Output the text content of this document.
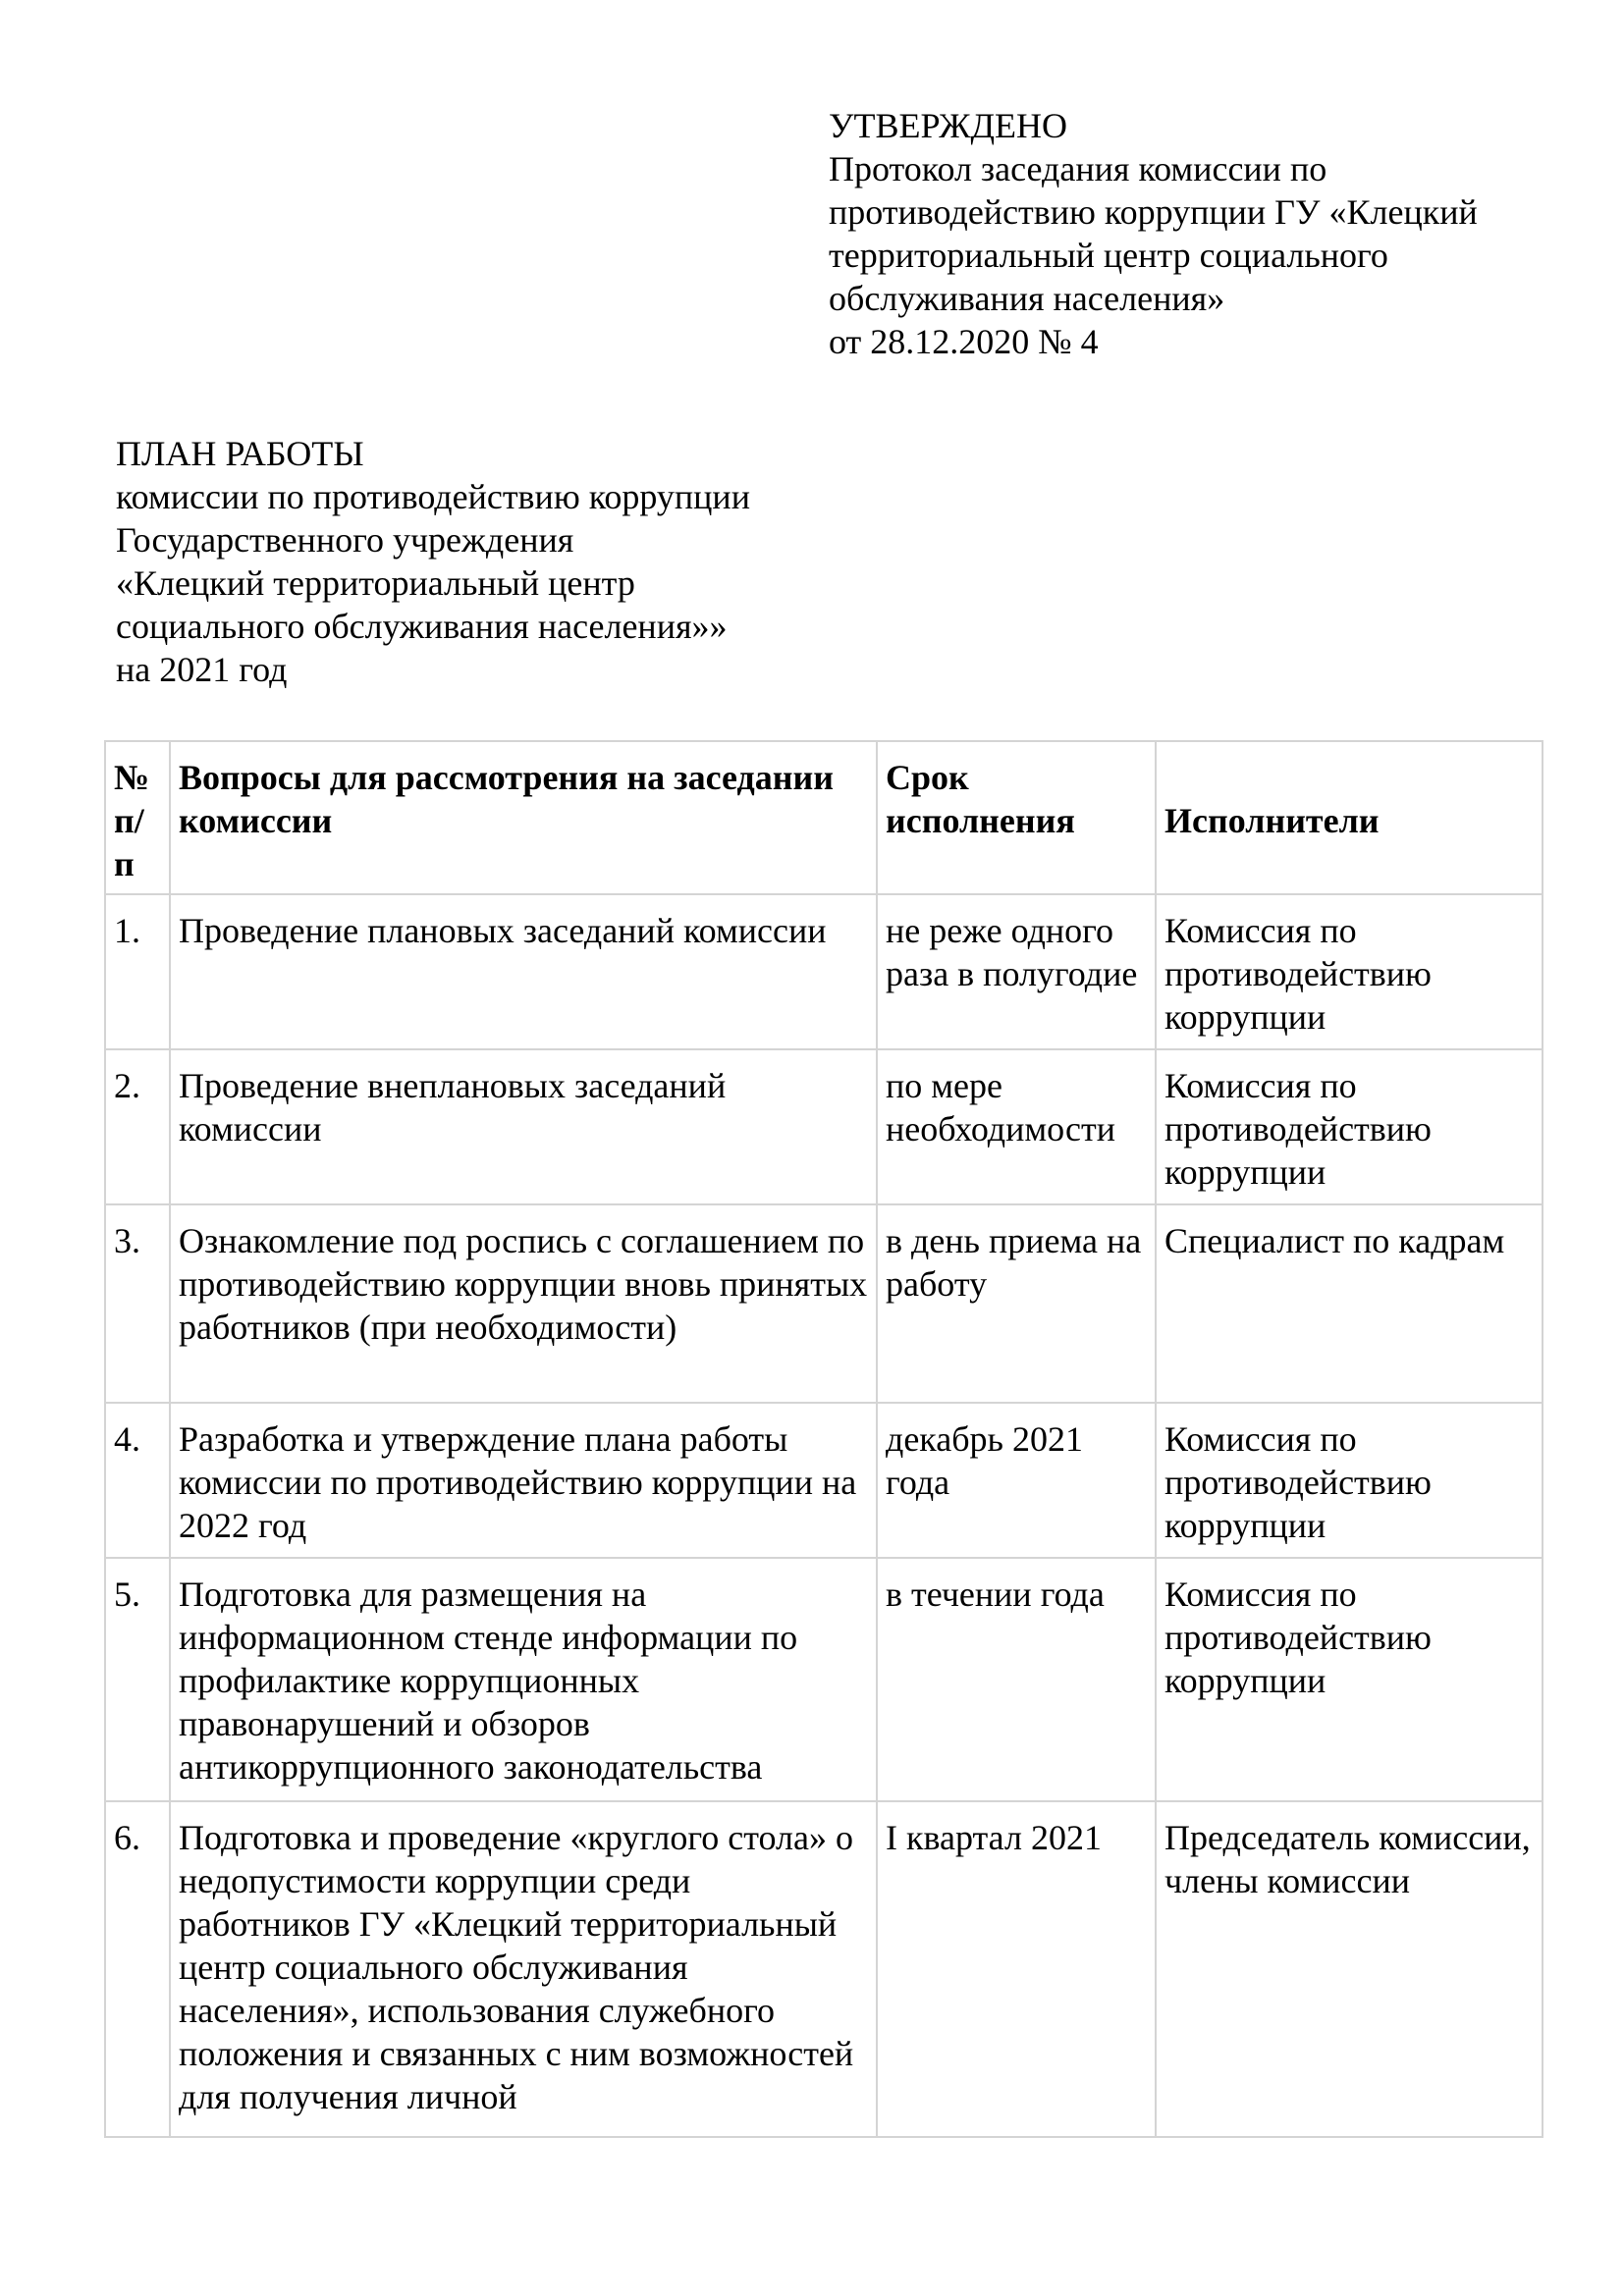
УТВЕРЖДЕНО
Протокол заседания комиссии по
противодействию коррупции ГУ «Клецкий
территориальный центр социального
обслуживания населения»
от 28.12.2020 № 4
ПЛАН РАБОТЫ
комиссии по противодействию коррупции
Государственного учреждения
«Клецкий территориальный центр
социального обслуживания населения»»
на 2021 год
№ п/п	Вопросы для рассмотрения на заседании комиссии	Срок исполнения	Исполнители
1.	Проведение плановых заседаний комиссии	не реже одного раза в полугодие	Комиссия по противодействию коррупции
2.	Проведение внеплановых заседаний комиссии	по мере необходимости	Комиссия по противодействию коррупции
3.	Ознакомление под роспись с соглашением по противодействию коррупции вновь принятых работников (при необходимости)	в день приема на работу	Специалист по кадрам
4.	Разработка и утверждение плана работы комиссии по противодействию коррупции на 2022 год	декабрь 2021 года	Комиссия по противодействию коррупции
5.	Подготовка для размещения на информационном стенде информации по профилактике коррупционных правонарушений и обзоров антикоррупционного законодательства	в течении года	Комиссия по противодействию коррупции
6.	Подготовка и проведение «круглого стола» о недопустимости коррупции среди работников ГУ «Клецкий территориальный центр социального обслуживания населения», использования служебного положения и связанных с ним возможностей для получения личной	I квартал 2021	Председатель комиссии, члены комиссии
